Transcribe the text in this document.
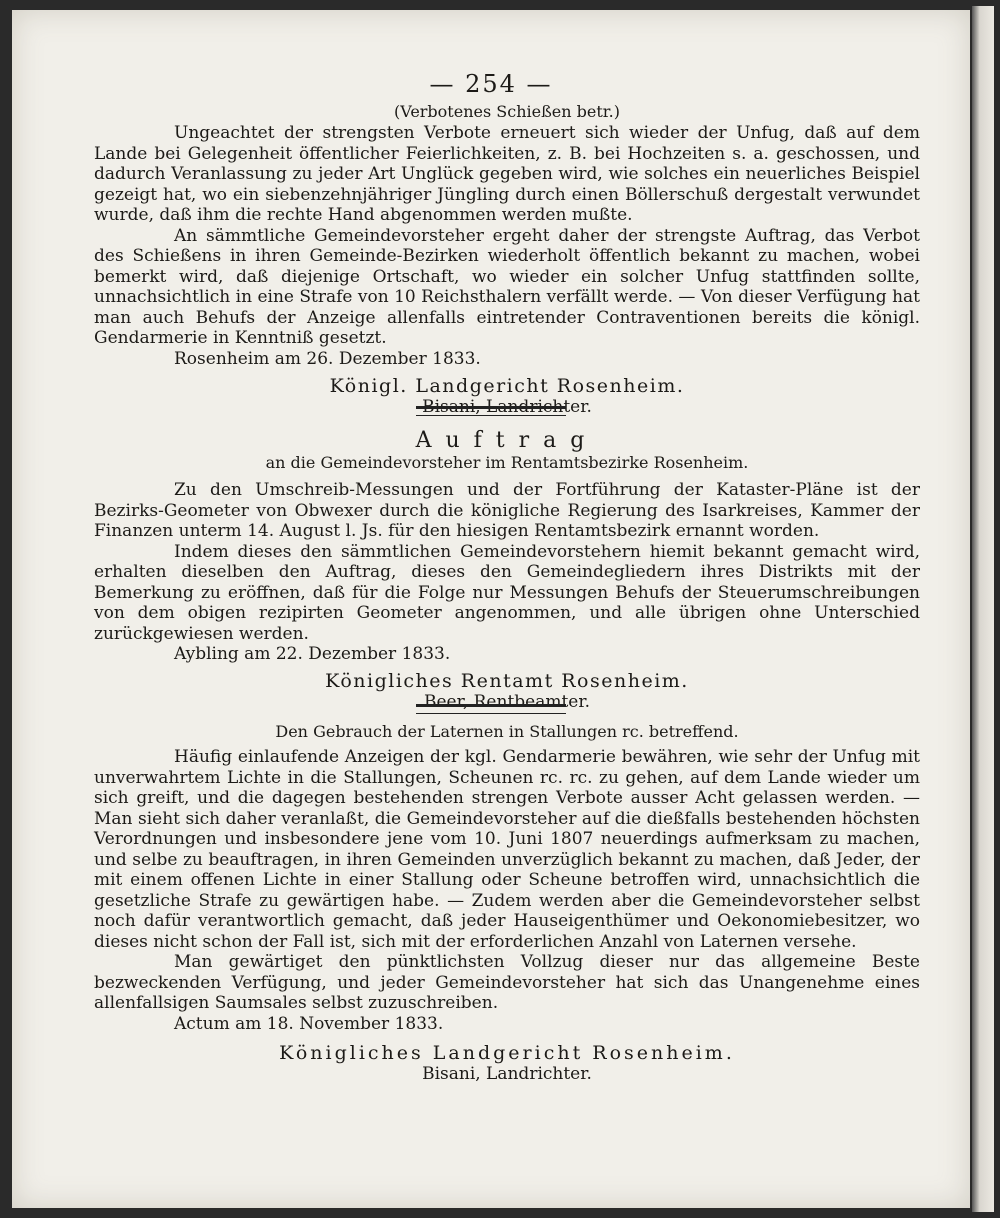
— 254 —

(Verbotenes Schießen betr.)

Ungeachtet der strengsten Verbote erneuert sich wieder der Unfug, daß auf dem Lande bei Gelegenheit öffentlicher Feierlichkeiten, z. B. bei Hochzeiten s. a. geschossen, und dadurch Veranlassung zu jeder Art Unglück gegeben wird, wie solches ein neuerliches Beispiel gezeigt hat, wo ein siebenzehnjähriger Jüngling durch einen Böllerschuß dergestalt verwundet wurde, daß ihm die rechte Hand abgenommen werden mußte.

An sämmtliche Gemeindevorsteher ergeht daher der strengste Auftrag, das Verbot des Schießens in ihren Gemeinde-Bezirken wiederholt öffentlich bekannt zu machen, wobei bemerkt wird, daß diejenige Ortschaft, wo wieder ein solcher Unfug stattfinden sollte, unnachsichtlich in eine Strafe von 10 Reichsthalern verfällt werde. — Von dieser Verfügung hat man auch Behufs der Anzeige allenfalls eintretender Contraventionen bereits die königl. Gendarmerie in Kenntniß gesetzt.

Rosenheim am 26. Dezember 1833.

Königl. Landgericht Rosenheim.

Bisani, Landrichter.

Auftrag

an die Gemeindevorsteher im Rentamtsbezirke Rosenheim.

Zu den Umschreib-Messungen und der Fortführung der Kataster-Pläne ist der Bezirks-Geometer von Obwexer durch die königliche Regierung des Isarkreises, Kammer der Finanzen unterm 14. August l. Js. für den hiesigen Rentamtsbezirk ernannt worden.

Indem dieses den sämmtlichen Gemeindevorstehern hiemit bekannt gemacht wird, erhalten dieselben den Auftrag, dieses den Gemeindegliedern ihres Distrikts mit der Bemerkung zu eröffnen, daß für die Folge nur Messungen Behufs der Steuerumschreibungen von dem obigen rezipirten Geometer angenommen, und alle übrigen ohne Unterschied zurückgewiesen werden.

Aybling am 22. Dezember 1833.

Königliches Rentamt Rosenheim.

Beer, Rentbeamter.

Den Gebrauch der Laternen in Stallungen rc. betreffend.

Häufig einlaufende Anzeigen der kgl. Gendarmerie bewähren, wie sehr der Unfug mit unverwahrtem Lichte in die Stallungen, Scheunen rc. rc. zu gehen, auf dem Lande wieder um sich greift, und die dagegen bestehenden strengen Verbote ausser Acht gelassen werden. — Man sieht sich daher veranlaßt, die Gemeindevorsteher auf die dießfalls bestehenden höchsten Verordnungen und insbesondere jene vom 10. Juni 1807 neuerdings aufmerksam zu machen, und selbe zu beauftragen, in ihren Gemeinden unverzüglich bekannt zu machen, daß Jeder, der mit einem offenen Lichte in einer Stallung oder Scheune betroffen wird, unnachsichtlich die gesetzliche Strafe zu gewärtigen habe. — Zudem werden aber die Gemeindevorsteher selbst noch dafür verantwortlich gemacht, daß jeder Hauseigenthümer und Oekonomiebesitzer, wo dieses nicht schon der Fall ist, sich mit der erforderlichen Anzahl von Laternen versehe.

Man gewärtiget den pünktlichsten Vollzug dieser nur das allgemeine Beste bezweckenden Verfügung, und jeder Gemeindevorsteher hat sich das Unangenehme eines allenfallsigen Saumsales selbst zuzuschreiben.

Actum am 18. November 1833.

Königliches Landgericht Rosenheim.

Bisani, Landrichter.
